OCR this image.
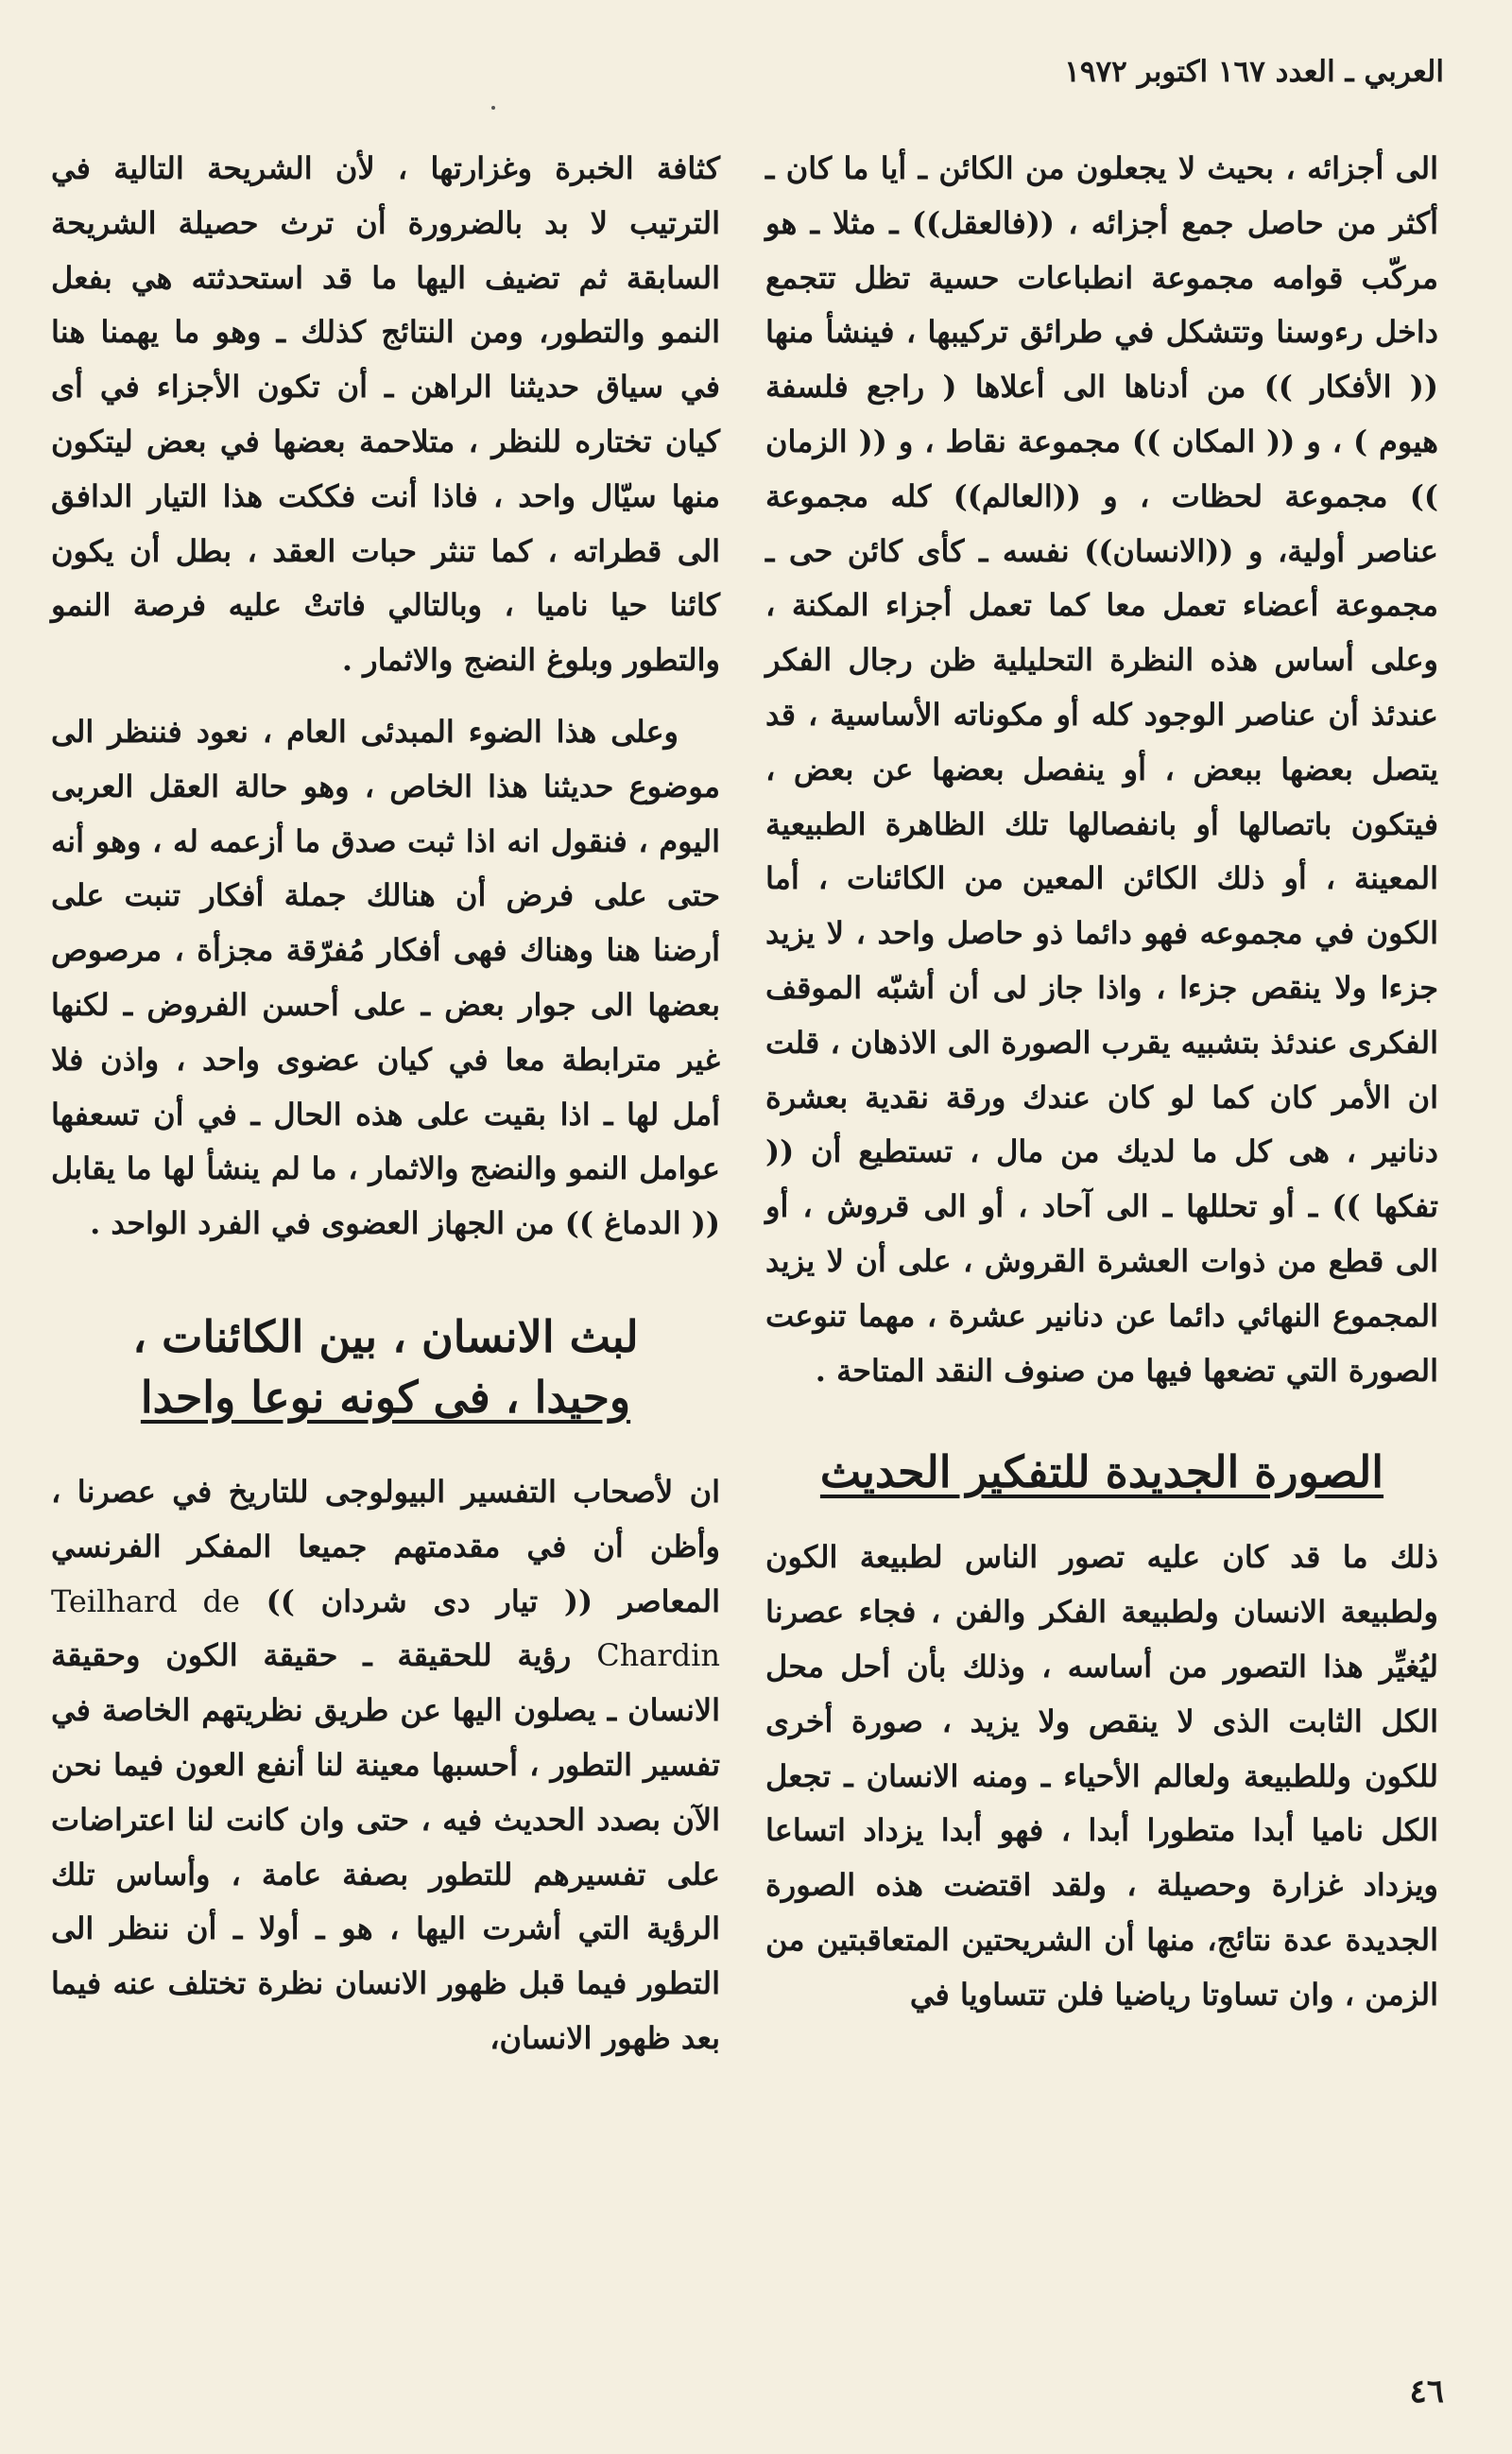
العربي ـ العدد ١٦٧ اكتوبر ١٩٧٢

الى أجزائه ، بحيث لا يجعلون من الكائن ـ أيا ما كان ـ أكثر من حاصل جمع أجزائه ، ((فالعقل)) ـ مثلا ـ هو مركّب قوامه مجموعة انطباعات حسية تظل تتجمع داخل رءوسنا وتتشكل في طرائق تركيبها ، فينشأ منها (( الأفكار )) من أدناها الى أعلاها ( راجع فلسفة هيوم ) ، و (( المكان )) مجموعة نقاط ، و (( الزمان )) مجموعة لحظات ، و ((العالم)) كله مجموعة عناصر أولية، و ((الانسان)) نفسه ـ كأى كائن حى ـ مجموعة أعضاء تعمل معا كما تعمل أجزاء المكنة ، وعلى أساس هذه النظرة التحليلية ظن رجال الفكر عندئذ أن عناصر الوجود كله أو مكوناته الأساسية ، قد يتصل بعضها ببعض ، أو ينفصل بعضها عن بعض ، فيتكون باتصالها أو بانفصالها تلك الظاهرة الطبيعية المعينة ، أو ذلك الكائن المعين من الكائنات ، أما الكون في مجموعه فهو دائما ذو حاصل واحد ، لا يزيد جزءا ولا ينقص جزءا ، واذا جاز لى أن أشبّه الموقف الفكرى عندئذ بتشبيه يقرب الصورة الى الاذهان ، قلت ان الأمر كان كما لو كان عندك ورقة نقدية بعشرة دنانير ، هى كل ما لديك من مال ، تستطيع أن (( تفكها )) ـ أو تحللها ـ الى آحاد ، أو الى قروش ، أو الى قطع من ذوات العشرة القروش ، على أن لا يزيد المجموع النهائي دائما عن دنانير عشرة ، مهما تنوعت الصورة التي تضعها فيها من صنوف النقد المتاحة .

الصورة الجديدة للتفكير الحديث

ذلك ما قد كان عليه تصور الناس لطبيعة الكون ولطبيعة الانسان ولطبيعة الفكر والفن ، فجاء عصرنا ليُغيِّر هذا التصور من أساسه ، وذلك بأن أحل محل الكل الثابت الذى لا ينقص ولا يزيد ، صورة أخرى للكون وللطبيعة ولعالم الأحياء ـ ومنه الانسان ـ تجعل الكل ناميا أبدا متطورا أبدا ، فهو أبدا يزداد اتساعا ويزداد غزارة وحصيلة ، ولقد اقتضت هذه الصورة الجديدة عدة نتائج، منها أن الشريحتين المتعاقبتين من الزمن ، وان تساوتا رياضيا فلن تتساويا في

كثافة الخبرة وغزارتها ، لأن الشريحة التالية في الترتيب لا بد بالضرورة أن ترث حصيلة الشريحة السابقة ثم تضيف اليها ما قد استحدثته هي بفعل النمو والتطور، ومن النتائج كذلك ـ وهو ما يهمنا هنا في سياق حديثنا الراهن ـ أن تكون الأجزاء في أى كيان تختاره للنظر ، متلاحمة بعضها في بعض ليتكون منها سيّال واحد ، فاذا أنت فككت هذا التيار الدافق الى قطراته ، كما تنثر حبات العقد ، بطل أن يكون كائنا حيا ناميا ، وبالتالي فاتتْ عليه فرصة النمو والتطور وبلوغ النضج والاثمار .

وعلى هذا الضوء المبدئى العام ، نعود فننظر الى موضوع حديثنا هذا الخاص ، وهو حالة العقل العربى اليوم ، فنقول انه اذا ثبت صدق ما أزعمه له ، وهو أنه حتى على فرض أن هنالك جملة أفكار تنبت على أرضنا هنا وهناك فهى أفكار مُفرّقة مجزأة ، مرصوص بعضها الى جوار بعض ـ على أحسن الفروض ـ لكنها غير مترابطة معا في كيان عضوى واحد ، واذن فلا أمل لها ـ اذا بقيت على هذه الحال ـ في أن تسعفها عوامل النمو والنضج والاثمار ، ما لم ينشأ لها ما يقابل (( الدماغ )) من الجهاز العضوى في الفرد الواحد .

لبث الانسان ، بين الكائنات ،
وحيدا ، فى كونه نوعا واحدا

ان لأصحاب التفسير البيولوجى للتاريخ في عصرنا ، وأظن أن في مقدمتهم جميعا المفكر الفرنسي المعاصر (( تيار دى شردان )) Teilhard de Chardin رؤية للحقيقة ـ حقيقة الكون وحقيقة الانسان ـ يصلون اليها عن طريق نظريتهم الخاصة في تفسير التطور ، أحسبها معينة لنا أنفع العون فيما نحن الآن بصدد الحديث فيه ، حتى وان كانت لنا اعتراضات على تفسيرهم للتطور بصفة عامة ، وأساس تلك الرؤية التي أشرت اليها ، هو ـ أولا ـ أن ننظر الى التطور فيما قبل ظهور الانسان نظرة تختلف عنه فيما بعد ظهور الانسان،

٤٦
